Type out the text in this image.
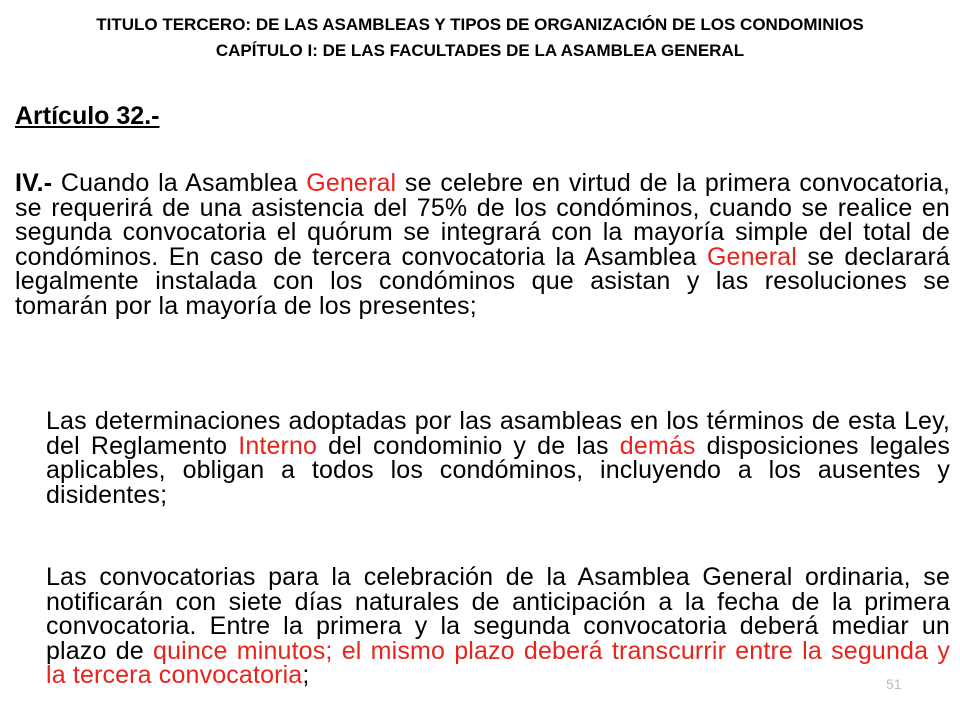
TITULO TERCERO: DE LAS ASAMBLEAS Y TIPOS DE ORGANIZACIÓN DE LOS CONDOMINIOS
CAPÍTULO I: DE LAS FACULTADES DE LA ASAMBLEA GENERAL
Artículo 32.-
IV.- Cuando la Asamblea General se celebre en virtud de la primera convocatoria, se requerirá de una asistencia del 75% de los condóminos, cuando se realice en segunda convocatoria el quórum se integrará con la mayoría simple del total de condóminos. En caso de tercera convocatoria la Asamblea General se declarará legalmente instalada con los condóminos que asistan y las resoluciones se tomarán por la mayoría de los presentes;
Las determinaciones adoptadas por las asambleas en los términos de esta Ley, del Reglamento Interno del condominio y de las demás disposiciones legales aplicables, obligan a todos los condóminos, incluyendo a los ausentes y disidentes;
Las convocatorias para la celebración de la Asamblea General ordinaria, se notificarán con siete días naturales de anticipación a la fecha de la primera convocatoria. Entre la primera y la segunda convocatoria deberá mediar un plazo de quince minutos; el mismo plazo deberá transcurrir entre la segunda y la tercera convocatoria;	51
